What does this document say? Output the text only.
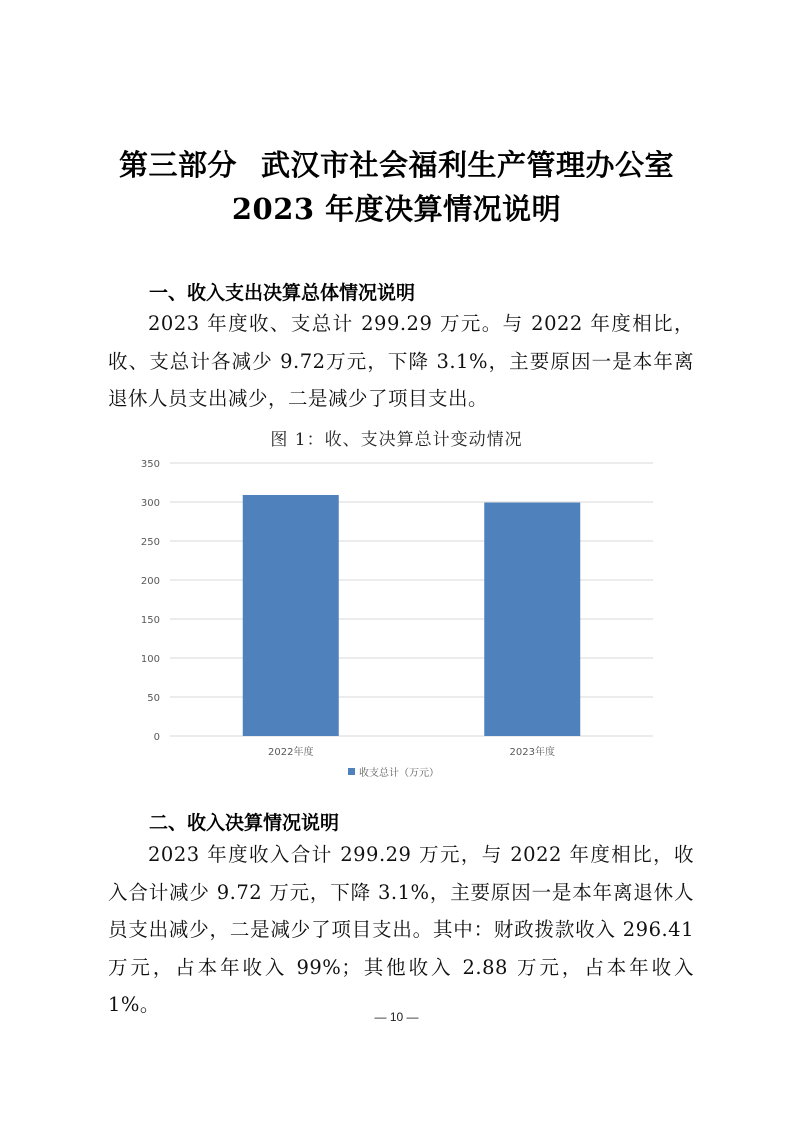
第三部分 武汉市社会福利生产管理办公室
2023 年度决算情况说明
一、收入支出决算总体情况说明
2023 年度收、支总计 299.29 万元。与 2022 年度相比，收、支总计各减少 9.72万元，下降 3.1%，主要原因一是本年离退休人员支出减少，二是减少了项目支出。
图 1：收、支决算总计变动情况
0
50
100
150
200
250
300
350
2022年度	2023年度
收支总计（万元）
二、收入决算情况说明
2023 年度收入合计 299.29 万元，与 2022 年度相比，收入合计减少 9.72 万元，下降 3.1%，主要原因一是本年离退休人员支出减少，二是减少了项目支出。其中：财政拨款收入 296.41 万元，占本年收入 99%；其他收入 2.88 万元，占本年收入 1%。
— 10 —
